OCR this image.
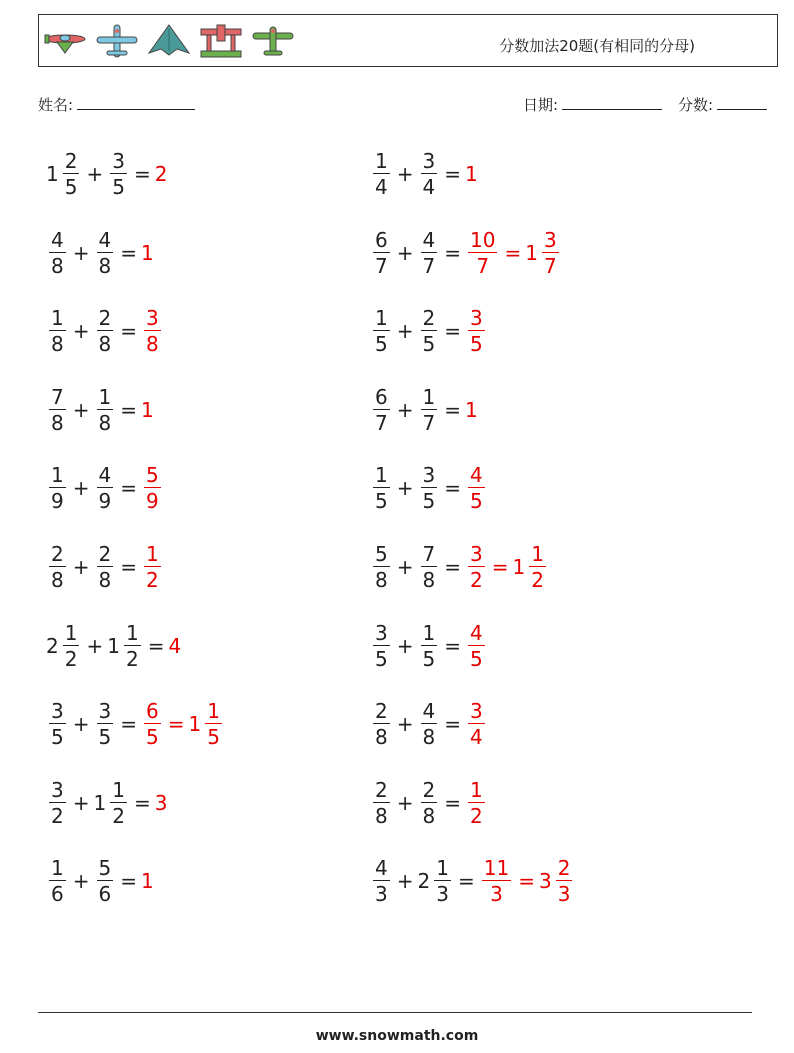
分数加法20题(有相同的分母)
姓名:	日期:	分数:
$1 \frac{2}{5} + \frac{3}{5} = 2$	$\frac{1}{4} + \frac{3}{4} = 1$
$\frac{4}{8} + \frac{4}{8} = 1$	$\frac{6}{7} + \frac{4}{7} = \frac{10}{7} = 1 \frac{3}{7}$
$\frac{1}{8} + \frac{2}{8} = \frac{3}{8}$	$\frac{1}{5} + \frac{2}{5} = \frac{3}{5}$
$\frac{7}{8} + \frac{1}{8} = 1$	$\frac{6}{7} + \frac{1}{7} = 1$
$\frac{1}{9} + \frac{4}{9} = \frac{5}{9}$	$\frac{1}{5} + \frac{3}{5} = \frac{4}{5}$
$\frac{2}{8} + \frac{2}{8} = \frac{1}{2}$	$\frac{5}{8} + \frac{7}{8} = \frac{3}{2} = 1 \frac{1}{2}$
$2 \frac{1}{2} + 1 \frac{1}{2} = 4$	$\frac{3}{5} + \frac{1}{5} = \frac{4}{5}$
$\frac{3}{5} + \frac{3}{5} = \frac{6}{5} = 1 \frac{1}{5}$	$\frac{2}{8} + \frac{4}{8} = \frac{3}{4}$
$\frac{3}{2} + 1 \frac{1}{2} = 3$	$\frac{2}{8} + \frac{2}{8} = \frac{1}{2}$
$\frac{1}{6} + \frac{5}{6} = 1$	$\frac{4}{3} + 2 \frac{1}{3} = \frac{11}{3} = 3 \frac{2}{3}$
www.snowmath.com
